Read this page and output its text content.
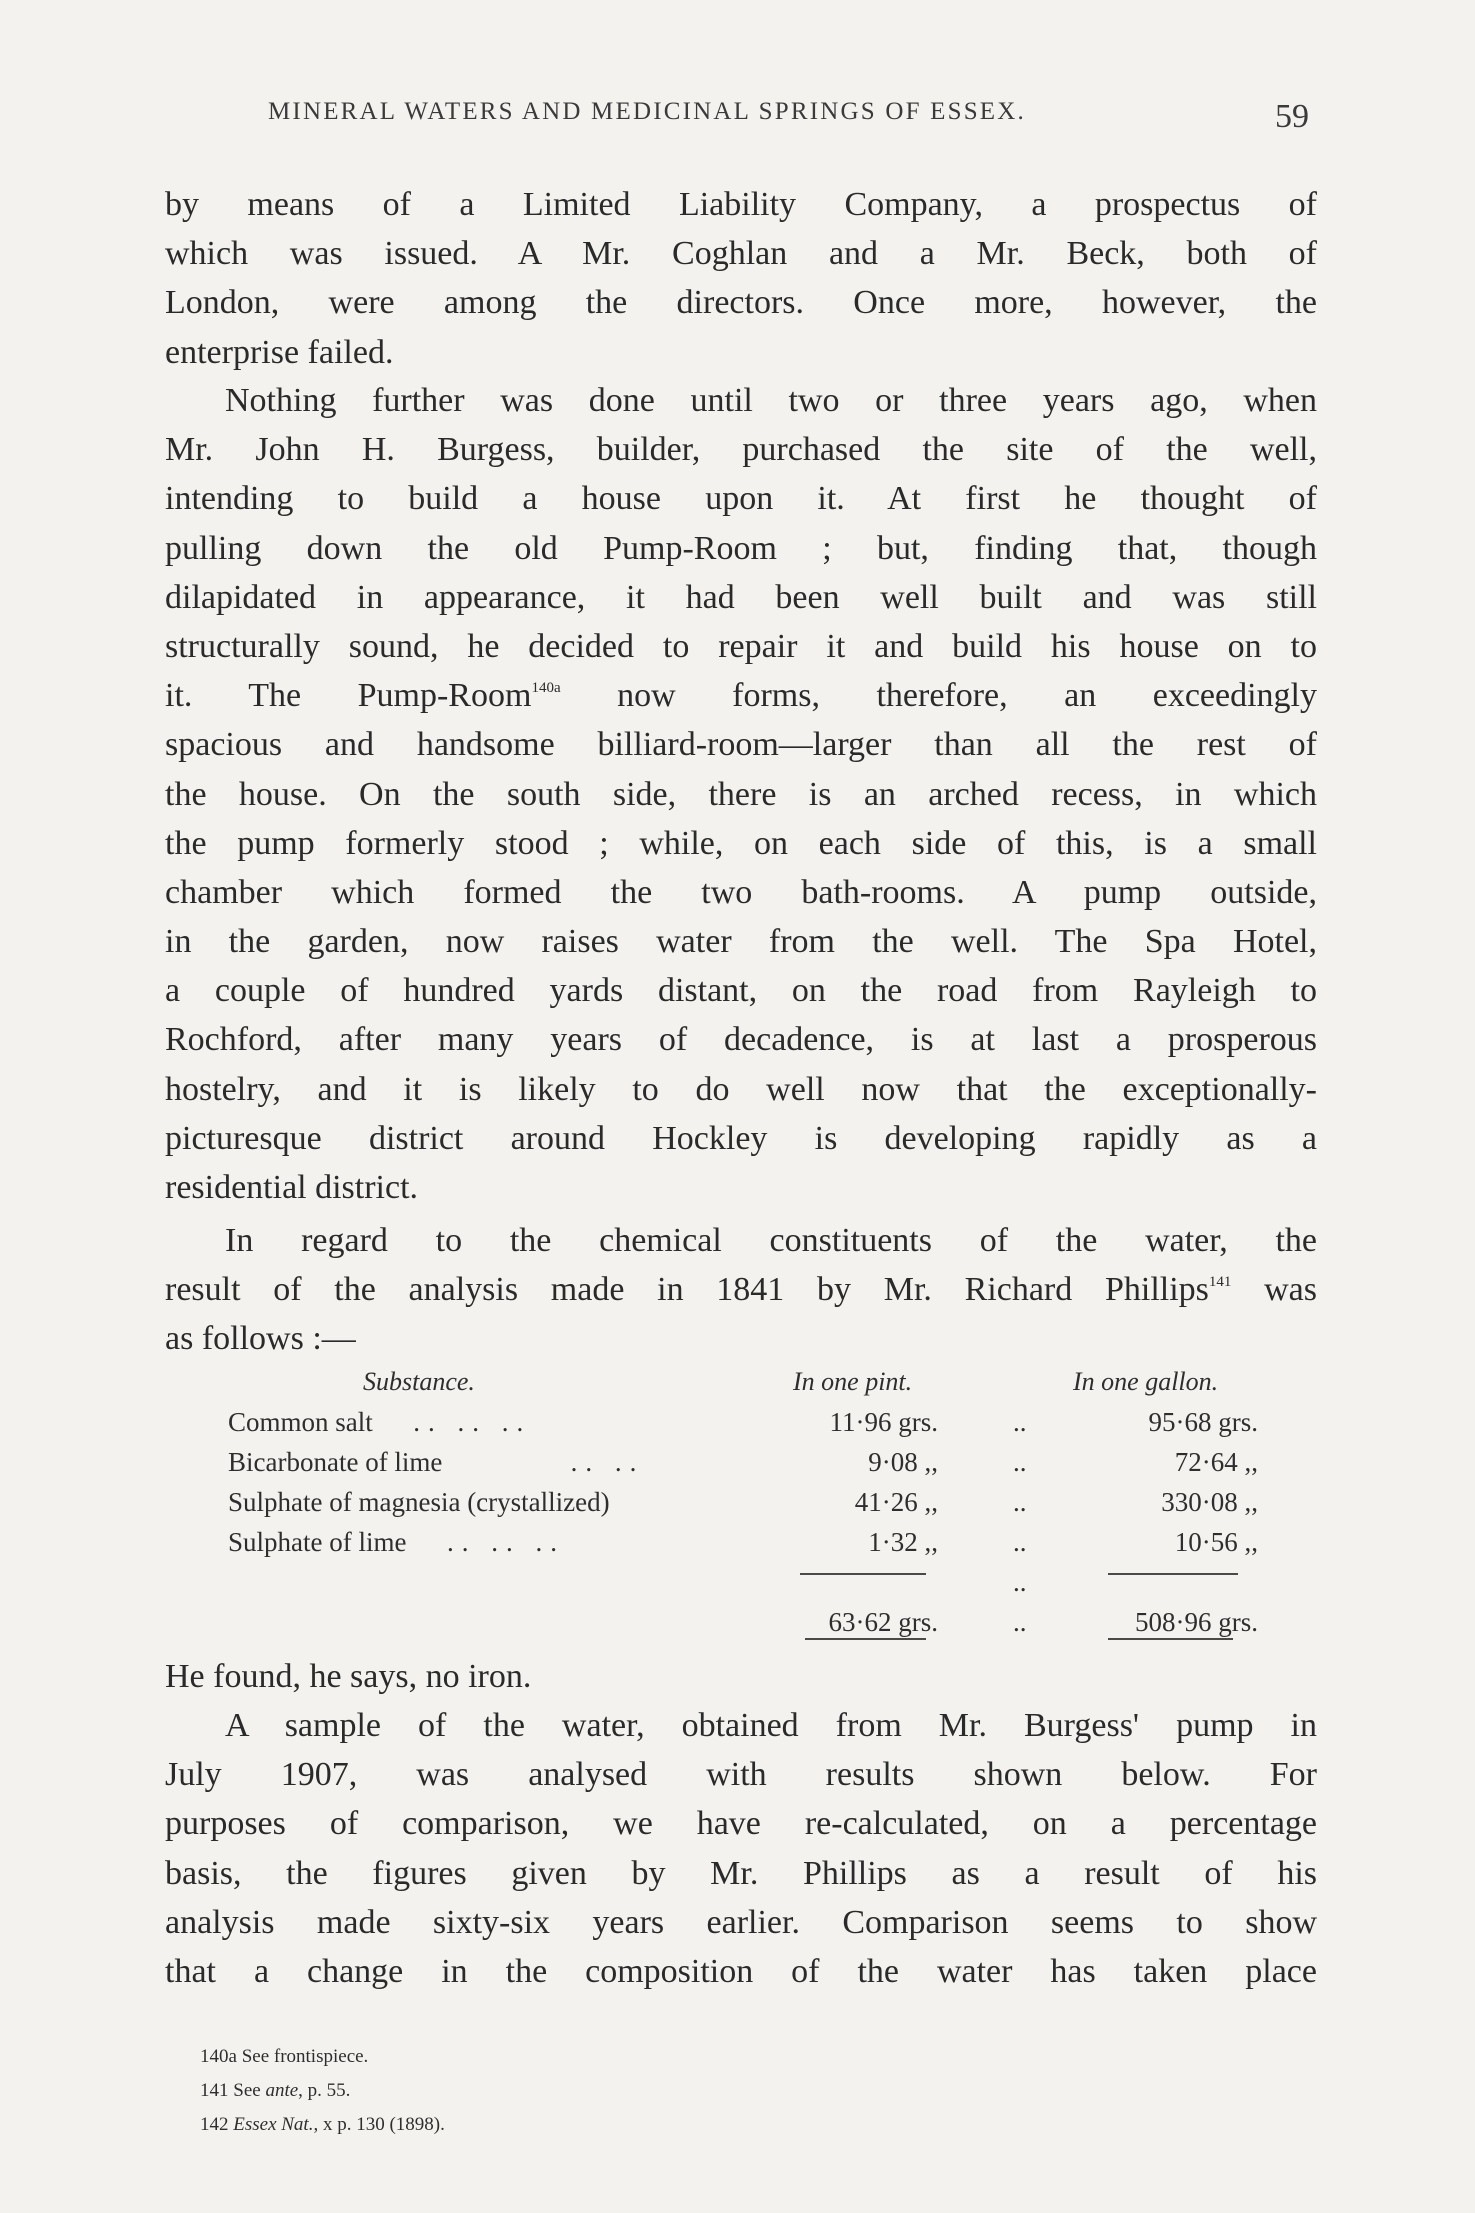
MINERAL WATERS AND MEDICINAL SPRINGS OF ESSEX.	59
by means of a Limited Liability Company, a prospectus of
which was issued. A Mr. Coghlan and a Mr. Beck, both of
London, were among the directors. Once more, however, the
enterprise failed.
Nothing further was done until two or three years ago, when
Mr. John H. Burgess, builder, purchased the site of the well,
intending to build a house upon it. At first he thought of
pulling down the old Pump-Room ; but, finding that, though
dilapidated in appearance, it had been well built and was still
structurally sound, he decided to repair it and build his house on to
it. The Pump-Room$^{140a}$ now forms, therefore, an exceedingly
spacious and handsome billiard-room—larger than all the rest of
the house. On the south side, there is an arched recess, in which
the pump formerly stood ; while, on each side of this, is a small
chamber which formed the two bath-rooms. A pump outside,
in the garden, now raises water from the well. The Spa Hotel,
a couple of hundred yards distant, on the road from Rayleigh to
Rochford, after many years of decadence, is at last a prosperous
hostelry, and it is likely to do well now that the exceptionally-
picturesque district around Hockley is developing rapidly as a
residential district.
In regard to the chemical constituents of the water, the
result of the analysis made in 1841 by Mr. Richard Phillips$^{141}$ was
as follows :—
Substance.	In one pint.	In one gallon.
Common salt .. .. ..	11·96 grs.	..	95·68 grs.
Bicarbonate of lime	.. ..	9·08 ,,	..	72·64 ,,
Sulphate of magnesia (crystallized)	41·26 ,,	..	330·08 ,,
Sulphate of lime .. .. ..	1·32 ,,	..	10·56 ,,
..
63·62 grs.	..	508·96 grs.
He found, he says, no iron.
A sample of the water, obtained from Mr. Burgess' pump in
July 1907, was analysed with results shown below. For
purposes of comparison, we have re-calculated, on a percentage
basis, the figures given by Mr. Phillips as a result of his
analysis made sixty-six years earlier. Comparison seems to show
that a change in the composition of the water has taken place
140a See frontispiece.
141 See ante, p. 55.
142 Essex Nat., x p. 130 (1898).
